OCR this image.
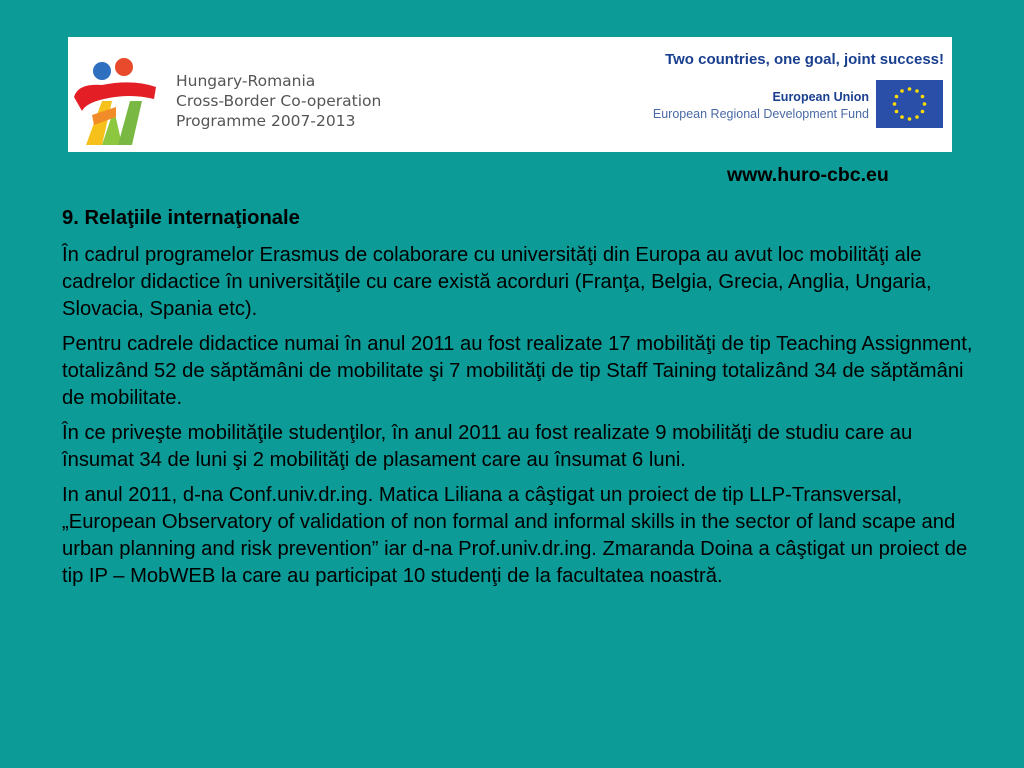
Hungary-Romania
Cross-Border Co-operation
Programme 2007-2013
Two countries, one goal, joint success!
European Union
European Regional Development Fund
www.huro-cbc.eu
9. Relaţiile internaţionale

În cadrul programelor Erasmus de colaborare cu universităţi din Europa au avut loc mobilităţi ale cadrelor didactice în universităţile cu care există acorduri (Franţa, Belgia, Grecia, Anglia, Ungaria, Slovacia, Spania etc).

Pentru cadrele didactice numai în anul 2011 au fost realizate 17 mobilităţi de tip Teaching Assignment, totalizând 52 de săptămâni de mobilitate şi 7 mobilităţi de tip Staff Taining totalizând 34 de săptămâni de mobilitate.

În ce priveşte mobilităţile studenţilor, în anul 2011 au fost realizate 9 mobilităţi de studiu care au însumat 34 de luni şi 2 mobilităţi de plasament care au însumat 6 luni.

In anul 2011, d-na Conf.univ.dr.ing. Matica Liliana a câştigat un proiect de tip LLP-Transversal, „European Observatory of validation of non formal and informal skills in the sector of land scape and urban planning and risk prevention” iar d-na Prof.univ.dr.ing. Zmaranda Doina a câştigat un proiect de tip IP – MobWEB la care au participat 10 studenţi de la facultatea noastră.
